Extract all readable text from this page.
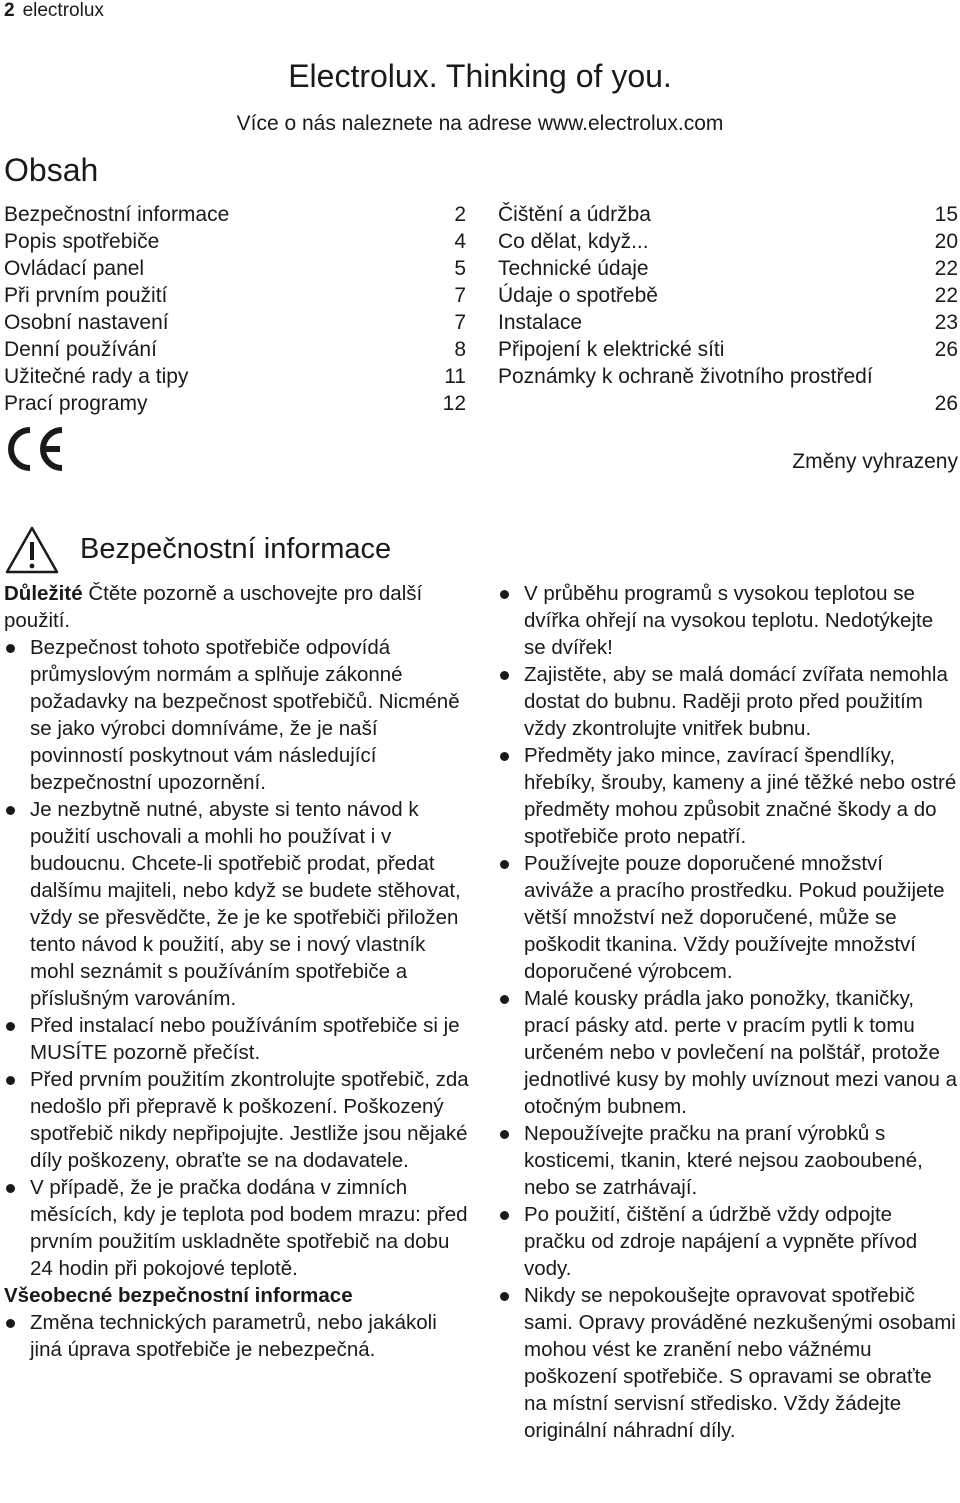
2 electrolux
Electrolux. Thinking of you.
Více o nás naleznete na adrese www.electrolux.com
Obsah
Bezpečnostní informace	2
Popis spotřebiče	4
Ovládací panel	5
Při prvním použití	7
Osobní nastavení	7
Denní používání	8
Užitečné rady a tipy	11
Prací programy	12
Čištění a údržba	15
Co dělat, když...	20
Technické údaje	22
Údaje o spotřebě	22
Instalace	23
Připojení k elektrické síti	26
Poznámky k ochraně životního prostředí
26
Změny vyhrazeny
Bezpečnostní informace

Důležité Čtěte pozorně a uschovejte pro další použití.

Bezpečnost tohoto spotřebiče odpovídá průmyslovým normám a splňuje zákonné požadavky na bezpečnost spotřebičů. Nicméně se jako výrobci domníváme, že je naší povinností poskytnout vám následující bezpečnostní upozornění.
Je nezbytně nutné, abyste si tento návod k použití uschovali a mohli ho používat i v budoucnu. Chcete-li spotřebič prodat, předat dalšímu majiteli, nebo když se budete stěhovat, vždy se přesvědčte, že je ke spotřebiči přiložen tento návod k použití, aby se i nový vlastník mohl seznámit s používáním spotřebiče a příslušným varováním.
Před instalací nebo používáním spotřebiče si je MUSÍTE pozorně přečíst.
Před prvním použitím zkontrolujte spotřebič, zda nedošlo při přepravě k poškození. Poškozený spotřebič nikdy nepřipojujte. Jestliže jsou nějaké díly poškozeny, obraťte se na dodavatele.
V případě, že je pračka dodána v zimních měsících, kdy je teplota pod bodem mrazu: před prvním použitím uskladněte spotřebič na dobu 24 hodin při pokojové teplotě.

Všeobecné bezpečnostní informace

Změna technických parametrů, nebo jakákoli jiná úprava spotřebiče je nebezpečná.
V průběhu programů s vysokou teplotou se dvířka ohřejí na vysokou teplotu. Nedotýkejte se dvířek!
Zajistěte, aby se malá domácí zvířata nemohla dostat do bubnu. Raději proto před použitím vždy zkontrolujte vnitřek bubnu.
Předměty jako mince, zavírací špendlíky, hřebíky, šrouby, kameny a jiné těžké nebo ostré předměty mohou způsobit značné škody a do spotřebiče proto nepatří.
Používejte pouze doporučené množství aviváže a pracího prostředku. Pokud použijete větší množství než doporučené, může se poškodit tkanina. Vždy používejte množství doporučené výrobcem.
Malé kousky prádla jako ponožky, tkaničky, prací pásky atd. perte v pracím pytli k tomu určeném nebo v povlečení na polštář, protože jednotlivé kusy by mohly uvíznout mezi vanou a otočným bubnem.
Nepoužívejte pračku na praní výrobků s kosticemi, tkanin, které nejsou zaoboubené, nebo se zatrhávají.
Po použití, čištění a údržbě vždy odpojte pračku od zdroje napájení a vypněte přívod vody.
Nikdy se nepokoušejte opravovat spotřebič sami. Opravy prováděné nezkušenými osobami mohou vést ke zranění nebo vážnému poškození spotřebiče. S opravami se obraťte na místní servisní středisko. Vždy žádejte originální náhradní díly.
